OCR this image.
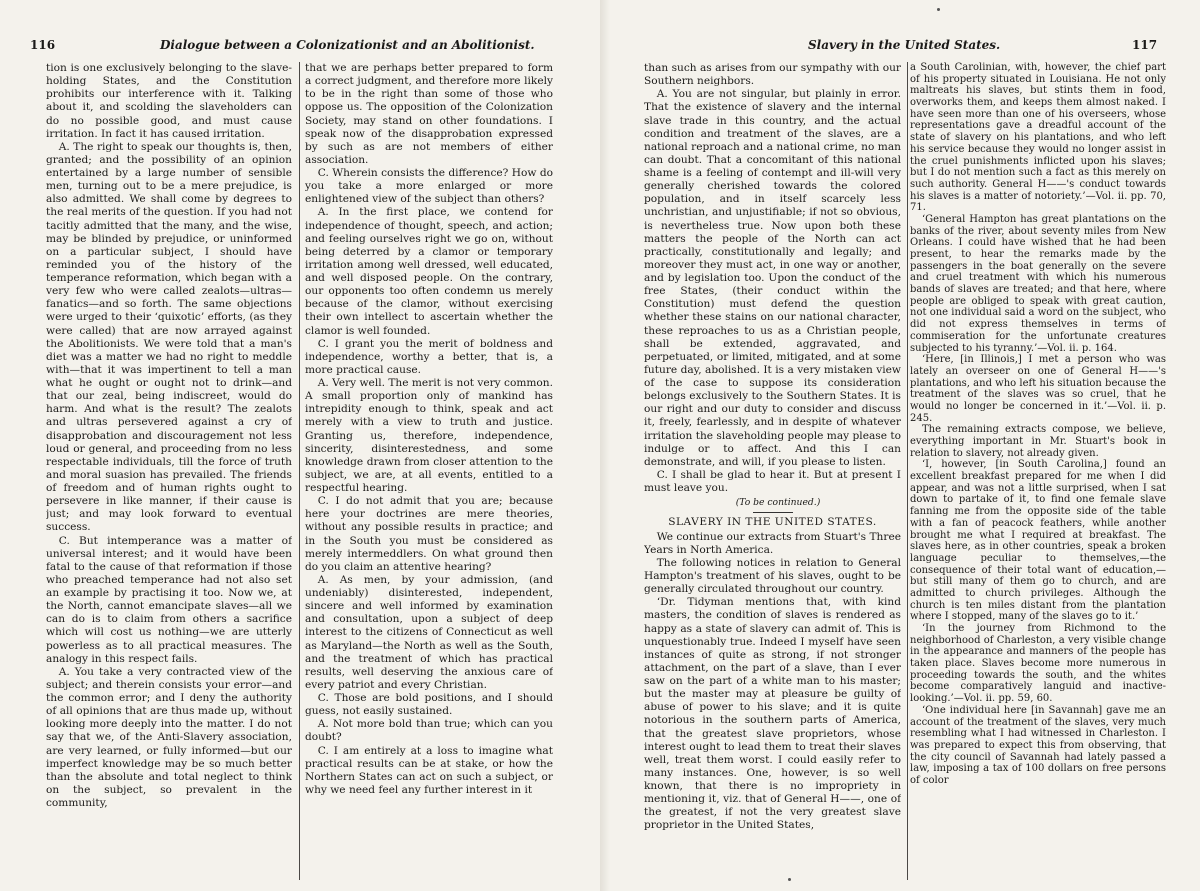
116	Dialogue between a Colonizationist and an Abolitionist.

tion is one exclusively belonging to the slave-holding States, and the Constitution prohibits our interference with it. Talking about it, and scolding the slaveholders can do no possible good, and must cause irritation. In fact it has caused irritation.

A. The right to speak our thoughts is, then, granted; and the possibility of an opinion entertained by a large number of sensible men, turning out to be a mere prejudice, is also admitted. We shall come by degrees to the real merits of the question. If you had not tacitly admitted that the many, and the wise, may be blinded by prejudice, or uninformed on a particular subject, I should have reminded you of the history of the temperance reformation, which began with a very few who were called zealots—ultras—fanatics—and so forth. The same objections were urged to their ‘quixotic’ efforts, (as they were called) that are now arrayed against the Abolitionists. We were told that a man's diet was a matter we had no right to meddle with—that it was impertinent to tell a man what he ought or ought not to drink—and that our zeal, being indiscreet, would do harm. And what is the result? The zealots and ultras persevered against a cry of disapprobation and discouragement not less loud or general, and proceeding from no less respectable individuals, till the force of truth and moral suasion has prevailed. The friends of freedom and of human rights ought to persevere in like manner, if their cause is just; and may look forward to eventual success.

C. But intemperance was a matter of universal interest; and it would have been fatal to the cause of that reformation if those who preached temperance had not also set an example by practising it too. Now we, at the North, cannot emancipate slaves—all we can do is to claim from others a sacrifice which will cost us nothing—we are utterly powerless as to all practical measures. The analogy in this respect fails.

A. You take a very contracted view of the subject; and therein consists your error—and the common error; and I deny the authority of all opinions that are thus made up, without looking more deeply into the matter. I do not say that we, of the Anti-Slavery association, are very learned, or fully informed—but our imperfect knowledge may be so much better than the absolute and total neglect to think on the subject, so prevalent in the community,

that we are perhaps better prepared to form a correct judgment, and therefore more likely to be in the right than some of those who oppose us. The opposition of the Colonization Society, may stand on other foundations. I speak now of the disapprobation expressed by such as are not members of either association.

C. Wherein consists the difference? How do you take a more enlarged or more enlightened view of the subject than others?

A. In the first place, we contend for independence of thought, speech, and action; and feeling ourselves right we go on, without being deterred by a clamor or temporary irritation among well dressed, well educated, and well disposed people. On the contrary, our opponents too often condemn us merely because of the clamor, without exercising their own intellect to ascertain whether the clamor is well founded.

C. I grant you the merit of boldness and independence, worthy a better, that is, a more practical cause.

A. Very well. The merit is not very common. A small proportion only of mankind has intrepidity enough to think, speak and act merely with a view to truth and justice. Granting us, therefore, independence, sincerity, disinterestedness, and some knowledge drawn from closer attention to the subject, we are, at all events, entitled to a respectful hearing.

C. I do not admit that you are; because here your doctrines are mere theories, without any possible results in practice; and in the South you must be considered as merely intermeddlers. On what ground then do you claim an attentive hearing?

A. As men, by your admission, (and undeniably) disinterested, independent, sincere and well informed by examination and consultation, upon a subject of deep interest to the citizens of Connecticut as well as Maryland—the North as well as the South, and the treatment of which has practical results, well deserving the anxious care of every patriot and every Christian.

C. Those are bold positions, and I should guess, not easily sustained.

A. Not more bold than true; which can you doubt?

C. I am entirely at a loss to imagine what practical results can be at stake, or how the Northern States can act on such a subject, or why we need feel any further interest in it

Slavery in the United States.	117

than such as arises from our sympathy with our Southern neighbors.

A. You are not singular, but plainly in error. That the existence of slavery and the internal slave trade in this country, and the actual condition and treatment of the slaves, are a national reproach and a national crime, no man can doubt. That a concomitant of this national shame is a feeling of contempt and ill-will very generally cherished towards the colored population, and in itself scarcely less unchristian, and unjustifiable; if not so obvious, is nevertheless true. Now upon both these matters the people of the North can act practically, constitutionally and legally; and moreover they must act, in one way or another, and by legislation too. Upon the conduct of the free States, (their conduct within the Constitution) must defend the question whether these stains on our national character, these reproaches to us as a Christian people, shall be extended, aggravated, and perpetuated, or limited, mitigated, and at some future day, abolished. It is a very mistaken view of the case to suppose its consideration belongs exclusively to the Southern States. It is our right and our duty to consider and discuss it, freely, fearlessly, and in despite of whatever irritation the slaveholding people may please to indulge or to affect. And this I can demonstrate, and will, if you please to listen.

C. I shall be glad to hear it. But at present I must leave you.

(To be continued.)

SLAVERY IN THE UNITED STATES.

We continue our extracts from Stuart's Three Years in North America.

The following notices in relation to General Hampton's treatment of his slaves, ought to be generally circulated throughout our country.

‘Dr. Tidyman mentions that, with kind masters, the condition of slaves is rendered as happy as a state of slavery can admit of. This is unquestionably true. Indeed I myself have seen instances of quite as strong, if not stronger attachment, on the part of a slave, than I ever saw on the part of a white man to his master; but the master may at pleasure be guilty of abuse of power to his slave; and it is quite notorious in the southern parts of America, that the greatest slave proprietors, whose interest ought to lead them to treat their slaves well, treat them worst. I could easily refer to many instances. One, however, is so well known, that there is no impropriety in mentioning it, viz. that of General H——, one of the greatest, if not the very greatest slave proprietor in the United States,

a South Carolinian, with, however, the chief part of his property situated in Louisiana. He not only maltreats his slaves, but stints them in food, overworks them, and keeps them almost naked. I have seen more than one of his overseers, whose representations gave a dreadful account of the state of slavery on his plantations, and who left his service because they would no longer assist in the cruel punishments inflicted upon his slaves; but I do not mention such a fact as this merely on such authority. General H——'s conduct towards his slaves is a matter of notoriety.’—Vol. ii. pp. 70, 71.

‘General Hampton has great plantations on the banks of the river, about seventy miles from New Orleans. I could have wished that he had been present, to hear the remarks made by the passengers in the boat generally on the severe and cruel treatment with which his numerous bands of slaves are treated; and that here, where people are obliged to speak with great caution, not one individual said a word on the subject, who did not express themselves in terms of commiseration for the unfortunate creatures subjected to his tyranny.’—Vol. ii. p. 164.

‘Here, [in Illinois,] I met a person who was lately an overseer on one of General H——'s plantations, and who left his situation because the treatment of the slaves was so cruel, that he would no longer be concerned in it.’—Vol. ii. p. 245.

The remaining extracts compose, we believe, everything important in Mr. Stuart's book in relation to slavery, not already given.

‘I, however, [in South Carolina,] found an excellent breakfast prepared for me when I did appear, and was not a little surprised, when I sat down to partake of it, to find one female slave fanning me from the opposite side of the table with a fan of peacock feathers, while another brought me what I required at breakfast. The slaves here, as in other countries, speak a broken language peculiar to themselves,—the consequence of their total want of education,—but still many of them go to church, and are admitted to church privileges. Although the church is ten miles distant from the plantation where I stopped, many of the slaves go to it.’

‘In the journey from Richmond to the neighborhood of Charleston, a very visible change in the appearance and manners of the people has taken place. Slaves become more numerous in proceeding towards the south, and the whites become comparatively languid and inactive-looking.’—Vol. ii. pp. 59, 60.

‘One individual here [in Savannah] gave me an account of the treatment of the slaves, very much resembling what I had witnessed in Charleston. I was prepared to expect this from observing, that the city council of Savannah had lately passed a law, imposing a tax of 100 dollars on free persons of color
